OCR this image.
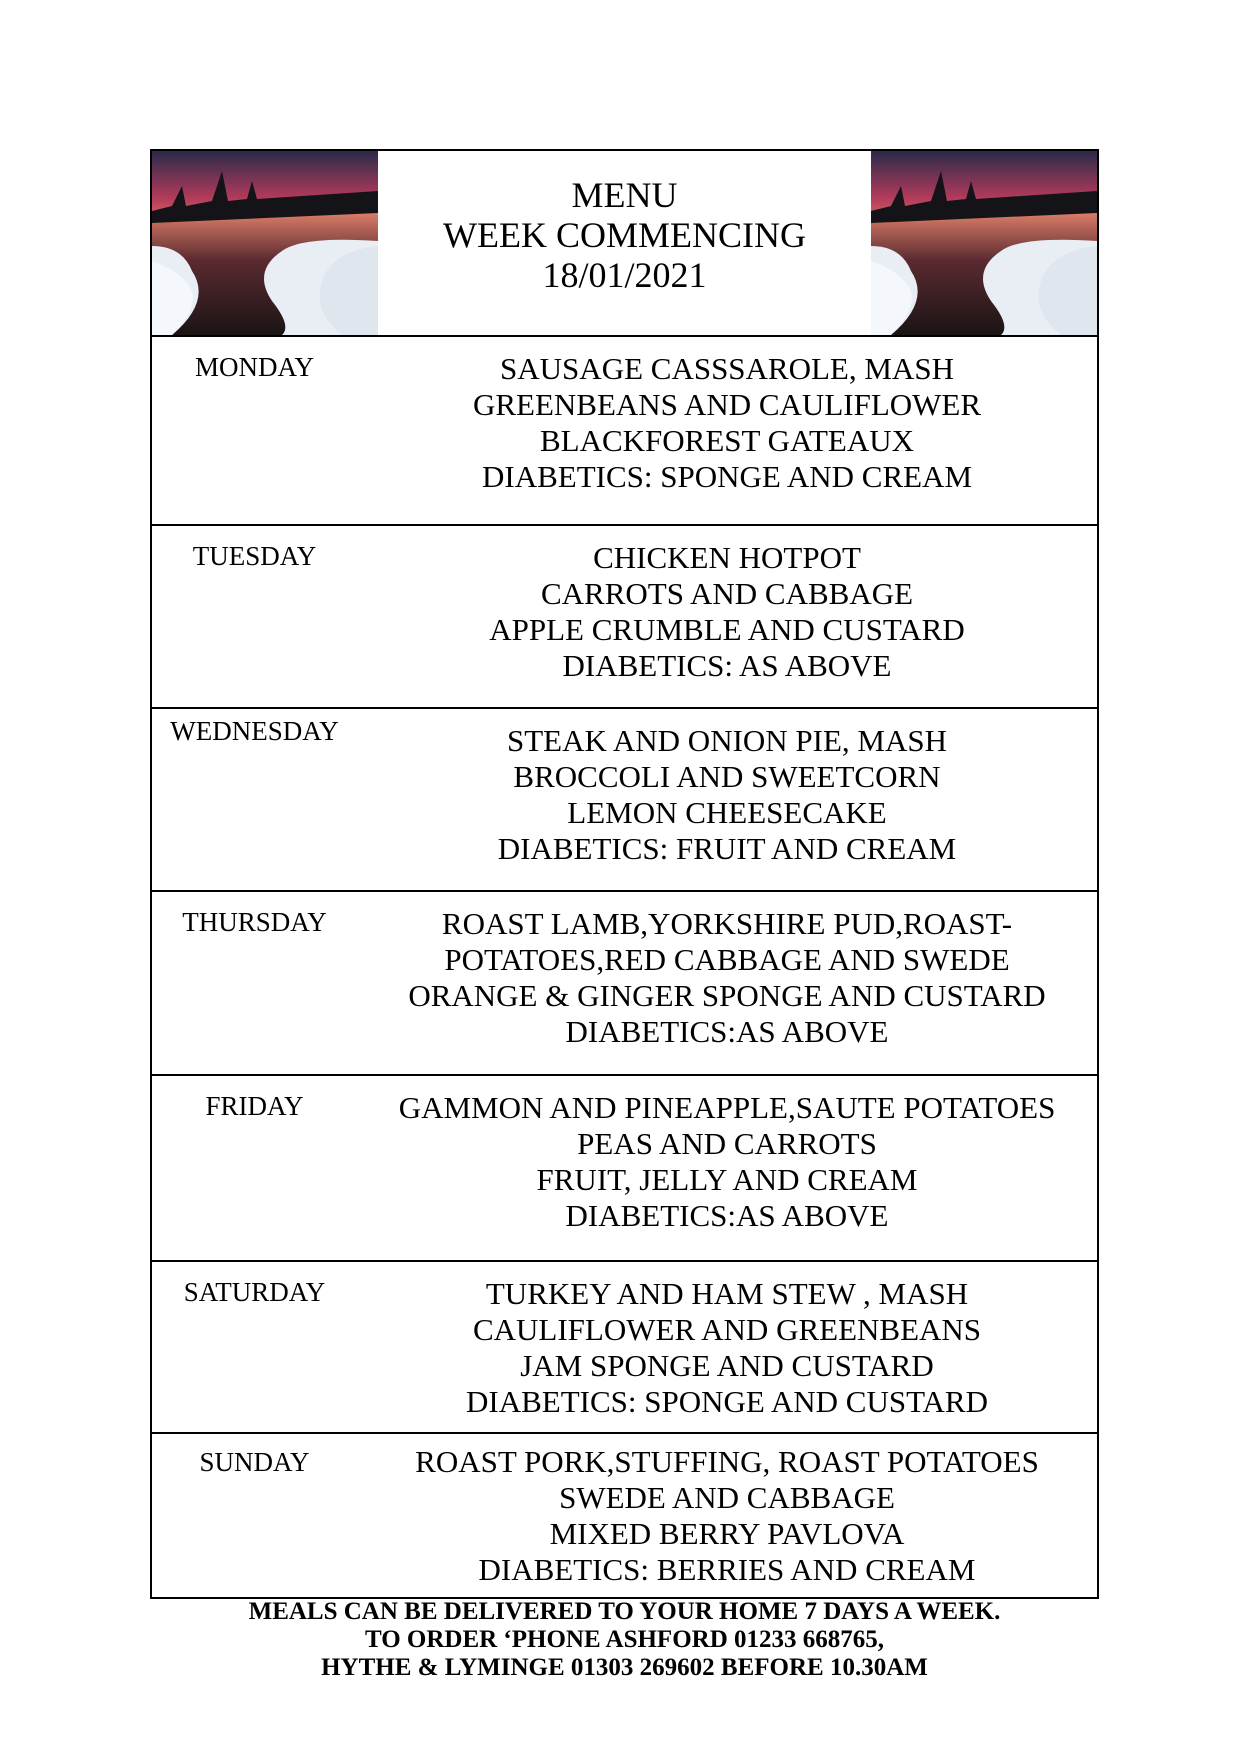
MENU
WEEK COMMENCING
18/01/2021
MONDAY	SAUSAGE CASSSAROLE, MASH
GREENBEANS AND CAULIFLOWER
BLACKFOREST GATEAUX
DIABETICS: SPONGE AND CREAM
TUESDAY	CHICKEN HOTPOT
CARROTS AND CABBAGE
APPLE CRUMBLE AND CUSTARD
DIABETICS: AS ABOVE
WEDNESDAY	STEAK AND ONION PIE, MASH
BROCCOLI AND SWEETCORN
LEMON CHEESECAKE
DIABETICS: FRUIT AND CREAM
THURSDAY	ROAST LAMB,YORKSHIRE PUD,ROAST-
POTATOES,RED CABBAGE AND SWEDE
ORANGE & GINGER SPONGE AND CUSTARD
DIABETICS:AS ABOVE
FRIDAY	GAMMON AND PINEAPPLE,SAUTE POTATOES
PEAS AND CARROTS
FRUIT, JELLY AND CREAM
DIABETICS:AS ABOVE
SATURDAY	TURKEY AND HAM STEW , MASH
CAULIFLOWER AND GREENBEANS
JAM SPONGE AND CUSTARD
DIABETICS: SPONGE AND CUSTARD
SUNDAY	ROAST PORK,STUFFING, ROAST POTATOES
SWEDE AND CABBAGE
MIXED BERRY PAVLOVA
DIABETICS: BERRIES AND CREAM
MEALS CAN BE DELIVERED TO YOUR HOME 7 DAYS A WEEK.
TO ORDER ‘PHONE ASHFORD 01233 668765,
HYTHE & LYMINGE 01303 269602 BEFORE 10.30AM
